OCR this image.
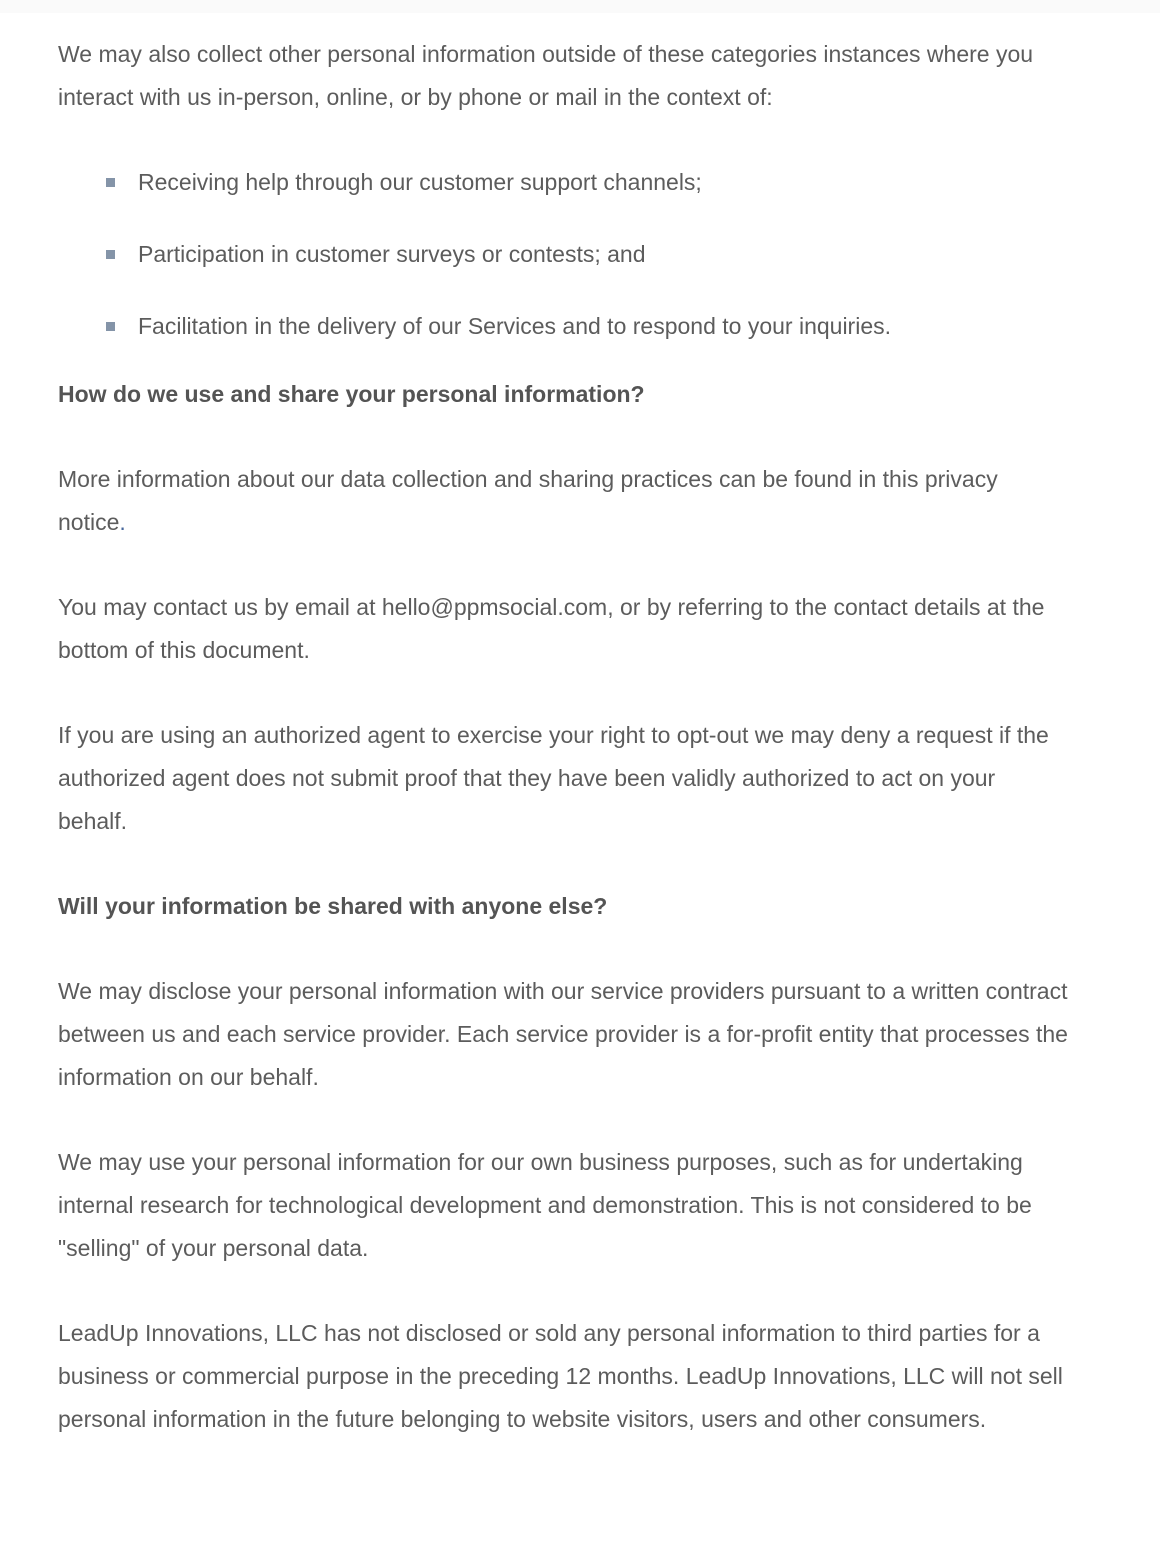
We may also collect other personal information outside of these categories instances where you interact with us in-person, online, or by phone or mail in the context of:

Receiving help through our customer support channels;
Participation in customer surveys or contests; and
Facilitation in the delivery of our Services and to respond to your inquiries.
How do we use and share your personal information?

More information about our data collection and sharing practices can be found in this privacy notice.

You may contact us by email at hello@ppmsocial.com, or by referring to the contact details at the bottom of this document.

If you are using an authorized agent to exercise your right to opt-out we may deny a request if the authorized agent does not submit proof that they have been validly authorized to act on your behalf.

Will your information be shared with anyone else?

We may disclose your personal information with our service providers pursuant to a written contract between us and each service provider. Each service provider is a for-profit entity that processes the information on our behalf.

We may use your personal information for our own business purposes, such as for undertaking internal research for technological development and demonstration. This is not considered to be "selling" of your personal data.

LeadUp Innovations, LLC has not disclosed or sold any personal information to third parties for a business or commercial purpose in the preceding 12 months. LeadUp Innovations, LLC will not sell personal information in the future belonging to website visitors, users and other consumers.
